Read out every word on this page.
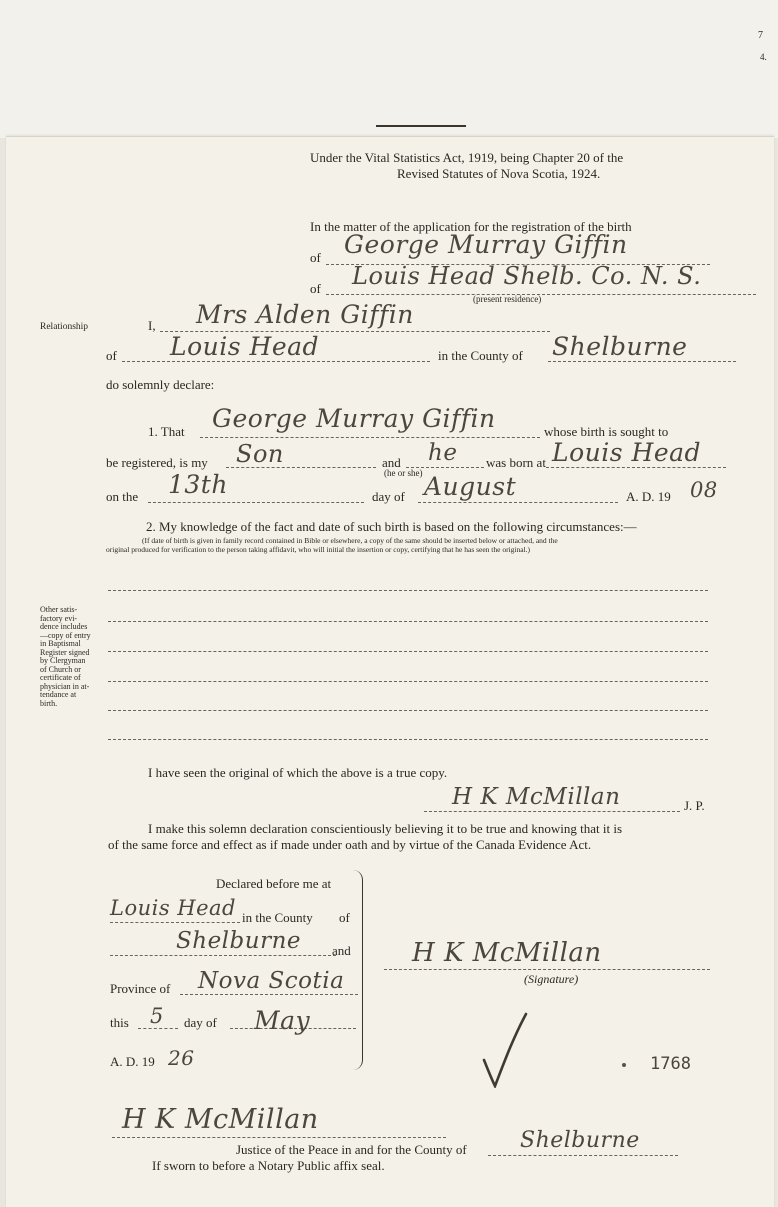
7
4.
Under the Vital Statistics Act, 1919, being Chapter 20 of the
Revised Statutes of Nova Scotia, 1924.
In the matter of the application for the registration of the birth
of George Murray Giffin
of Louis Head Shelb. Co. N. S.
(present residence)
Relationship	I, Mrs Alden Giffin
of Louis Head	in the County of Shelburne
do solemnly declare:
1. That George Murray Giffin	whose birth is sought to
be registered, is my Son	and he
(he or she)
was born at Louis Head
on the 13th	day of August	A. D. 19 08
2. My knowledge of the fact and date of such birth is based on the following circumstances:—
(If date of birth is given in family record contained in Bible or elsewhere, a copy of the same should be inserted below or attached, and the
original produced for verification to the person taking affidavit, who will initial the insertion or copy, certifying that he has seen the original.)
Other satis-
factory evi-
dence includes
—copy of entry
in Baptismal
Register signed
by Clergyman
of Church or
certificate of
physician in at-
tendance at
birth.
I have seen the original of which the above is a true copy.
H K McMillan	J. P.
I make this solemn declaration conscientiously believing it to be true and knowing that it is
of the same force and effect as if made under oath and by virtue of the Canada Evidence Act.
Declared before me at
Louis Head in the County of
Shelburne and
Province of Nova Scotia
this 5 day of May
A. D. 19 26
H K McMillan
(Signature)
1768
H K McMillan
Justice of the Peace in and for the County of Shelburne
If sworn to before a Notary Public affix seal.
